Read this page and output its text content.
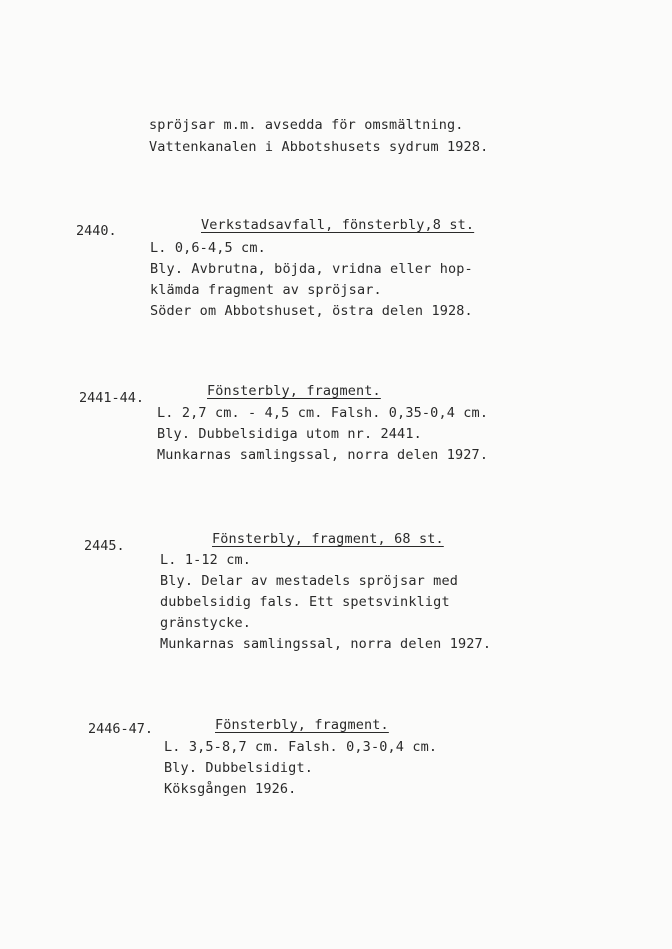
spröjsar m.m. avsedda för omsmältning.
Vattenkanalen i Abbotshusets sydrum 1928.
2440.	Verkstadsavfall, fönsterbly,8 st.
L. 0,6-4,5 cm.
Bly. Avbrutna, böjda, vridna eller hop-
klämda fragment av spröjsar.
Söder om Abbotshuset, östra delen 1928.
2441-44.	Fönsterbly, fragment.
L. 2,7 cm. - 4,5 cm. Falsh. 0,35-0,4 cm.
Bly. Dubbelsidiga utom nr. 2441.
Munkarnas samlingssal, norra delen 1927.
2445.	Fönsterbly, fragment, 68 st.
L. 1-12 cm.
Bly. Delar av mestadels spröjsar med
dubbelsidig fals. Ett spetsvinkligt
gränstycke.
Munkarnas samlingssal, norra delen 1927.
2446-47.	Fönsterbly, fragment.
L. 3,5-8,7 cm. Falsh. 0,3-0,4 cm.
Bly. Dubbelsidigt.
Köksgången 1926.
